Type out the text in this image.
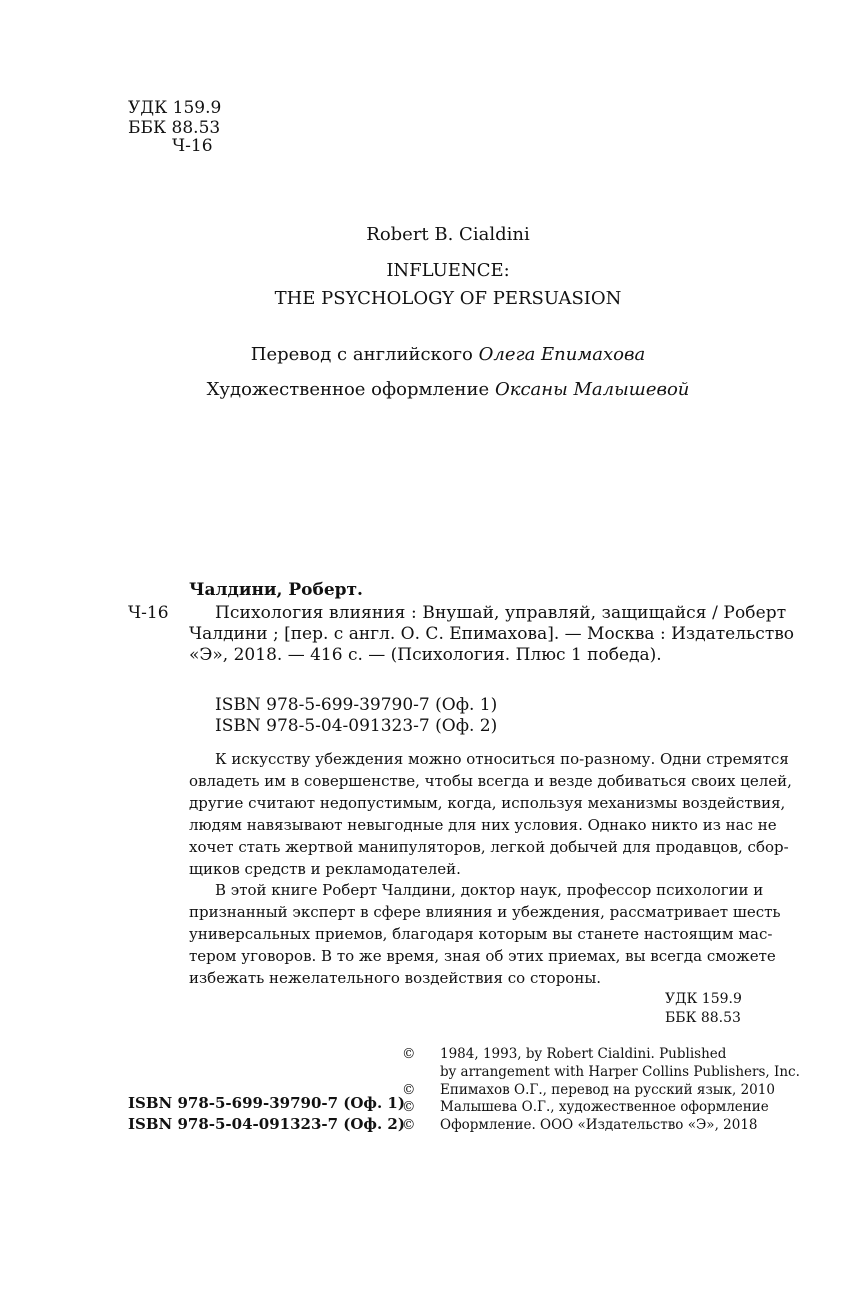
УДК 159.9
ББК 88.53
Ч-16
Robert B. Cialdini
INFLUENCE:
THE PSYCHOLOGY OF PERSUASION
Перевод с английского Олега Епимахова
Художественное оформление Оксаны Малышевой
Чалдини, Роберт.
Ч-16	Психология влияния : Внушай, управляй, защищайся / Роберт
Чалдини ; [пер. с англ. О. С. Епимахова]. — Москва : Издательство
«Э», 2018. — 416 с. — (Психология. Плюс 1 победа).
ISBN 978-5-699-39790-7 (Оф. 1)
ISBN 978-5-04-091323-7 (Оф. 2)
К искусству убеждения можно относиться по-разному. Одни стремятся
овладеть им в совершенстве, чтобы всегда и везде добиваться своих целей,
другие считают недопустимым, когда, используя механизмы воздействия,
людям навязывают невыгодные для них условия. Однако никто из нас не
хочет стать жертвой манипуляторов, легкой добычей для продавцов, сбор-
щиков средств и рекламодателей.
В этой книге Роберт Чалдини, доктор наук, профессор психологии и
признанный эксперт в сфере влияния и убеждения, рассматривает шесть
универсальных приемов, благодаря которым вы станете настоящим мас-
тером уговоров. В то же время, зная об этих приемах, вы всегда сможете
избежать нежелательного воздействия со стороны.
УДК 159.9
ББК 88.53
ISBN 978-5-699-39790-7 (Оф. 1)
ISBN 978-5-04-091323-7 (Оф. 2)
© 1984, 1993, by Robert Cialdini. Published
by arrangement with Harper Collins Publishers, Inc.
© Епимахов О.Г., перевод на русский язык, 2010
© Малышева О.Г., художественное оформление
© Оформление. ООО «Издательство «Э», 2018
